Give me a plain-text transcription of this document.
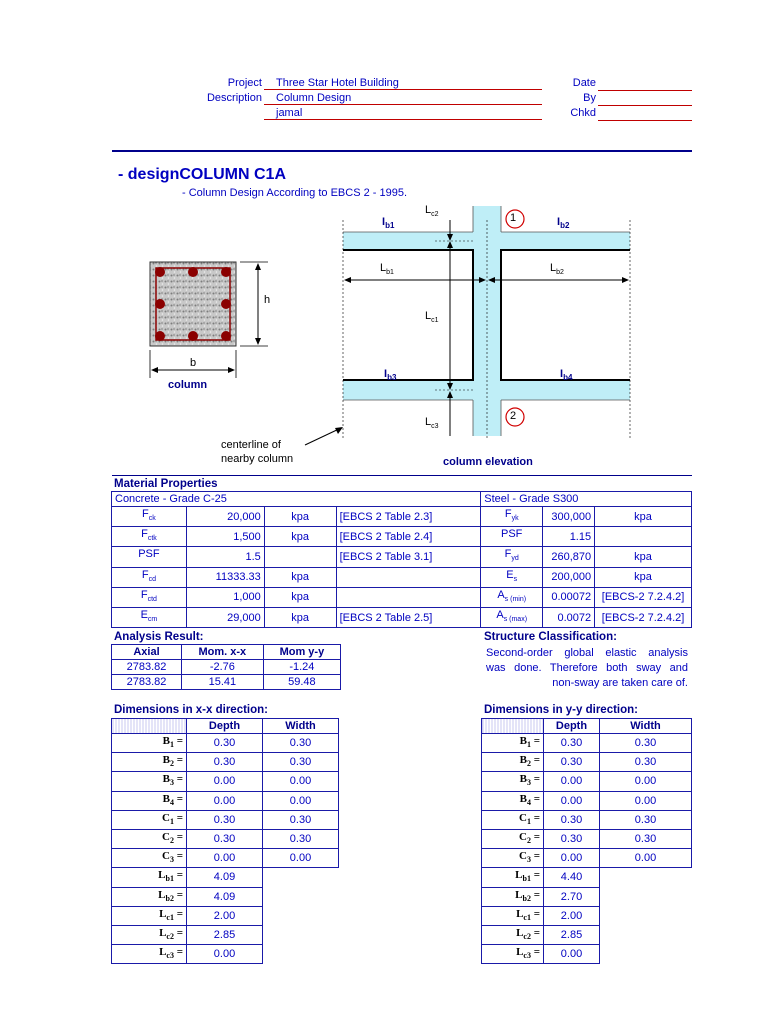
Project	Three Star Hotel Building
Description	Column Design
jamal
Date
By
Chkd
- designCOLUMN C1A
- Column Design According to EBCS 2 - 1995.
h
b
column
1
2
$L_{c2}$
$L_{c1}$
$L_{c3}$
$L_{b1}$	$L_{b2}$
$I_{b1}$	$I_{b2}$
$I_{b3}$	$I_{b4}$
centerline of
nearby column	column elevation
Material Properties
Concrete - Grade C-25				Steel - Grade S300		
$F_{ck}$	20,000	kpa	[EBCS 2 Table 2.3]	$F_{yk}$	300,000	kpa
$F_{ctk}$	1,500	kpa	[EBCS 2 Table 2.4]	PSF	1.15	
PSF	1.5		[EBCS 2 Table 3.1]	$F_{yd}$	260,870	kpa
$F_{cd}$	11333.33	kpa		$E_s$	200,000	kpa
$F_{ctd}$	1,000	kpa		$A_{s (min)}$	0.00072	[EBCS-2 7.2.4.2]
$E_{cm}$	29,000	kpa	[EBCS 2 Table 2.5]	$A_{s (max)}$	0.0072	[EBCS-2 7.2.4.2]
Analysis Result:
Axial	Mom. x-x	Mom y-y
2783.82	-2.76	-1.24
2783.82	15.41	59.48
Structure Classification:
Second-order global elastic analysis
was done. Therefore both sway and
non-sway are taken care of.
Dimensions in x-x direction:
	Depth	Width
$B_1$ =	0.30	0.30
$B_2$ =	0.30	0.30
$B_3$ =	0.00	0.00
$B_4$ =	0.00	0.00
$C_1$ =	0.30	0.30
$C_2$ =	0.30	0.30
$C_3$ =	0.00	0.00
$L_{b1}$ =	4.09	
$L_{b2}$ =	4.09	
$L_{c1}$ =	2.00	
$L_{c2}$ =	2.85	
$L_{c3}$ =	0.00	
Dimensions in y-y direction:
	Depth	Width
$B_1$ =	0.30	0.30
$B_2$ =	0.30	0.30
$B_3$ =	0.00	0.00
$B_4$ =	0.00	0.00
$C_1$ =	0.30	0.30
$C_2$ =	0.30	0.30
$C_3$ =	0.00	0.00
$L_{b1}$ =	4.40	
$L_{b2}$ =	2.70	
$L_{c1}$ =	2.00	
$L_{c2}$ =	2.85	
$L_{c3}$ =	0.00	
